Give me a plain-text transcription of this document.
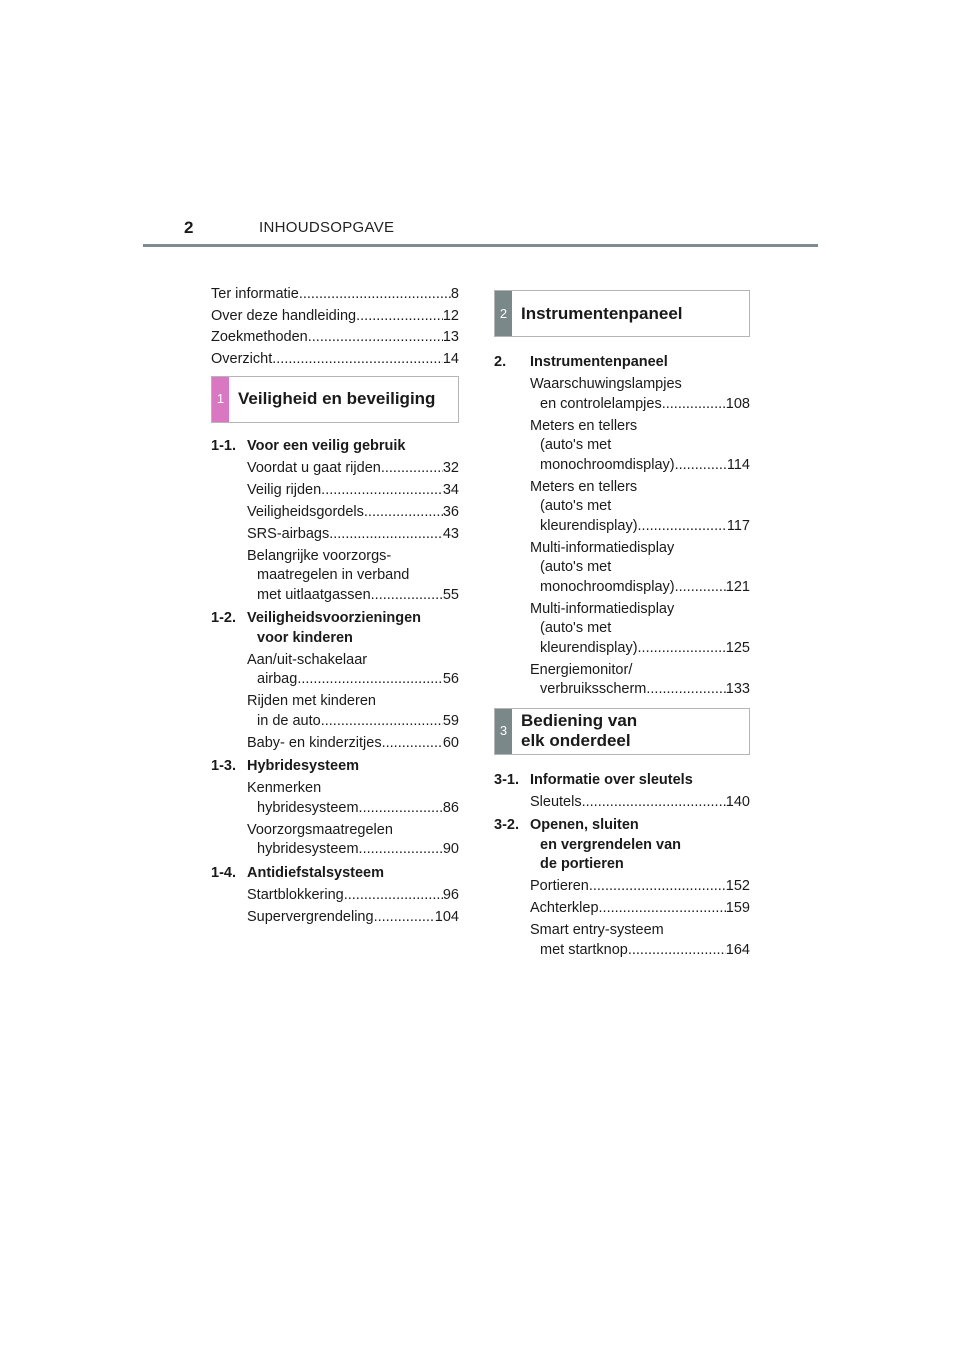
2	INHOUDSOPGAVE
Ter informatie .....	8
Over deze handleiding .....	12
Zoekmethoden .....	13
Overzicht .....	14
1 Veiligheid en beveiliging
1-1. Voor een veilig gebruik
Voordat u gaat rijden .....	32
Veilig rijden .....	34
Veiligheidsgordels .....	36
SRS-airbags .....	43
Belangrijke voorzorgs-
maatregelen in verband
met uitlaatgassen .....	55
1-2. Veiligheidsvoorzieningen
voor kinderen
Aan/uit-schakelaar
airbag .....	56
Rijden met kinderen
in de auto .....	59
Baby- en kinderzitjes .....	60
1-3. Hybridesysteem
Kenmerken
hybridesysteem .....	86
Voorzorgsmaatregelen
hybridesysteem .....	90
1-4. Antidiefstalsysteem
Startblokkering .....	96
Supervergrendeling .....	104
2 Instrumentenpaneel
2.	Instrumentenpaneel
Waarschuwingslampjes
en controlelampjes .....	108
Meters en tellers
(auto's met
monochroomdisplay) .....	114
Meters en tellers
(auto's met
kleurendisplay) .....	117
Multi-informatiedisplay
(auto's met
monochroomdisplay) .....	121
Multi-informatiedisplay
(auto's met
kleurendisplay) .....	125
Energiemonitor/
verbruiksscherm .....	133
3
Bediening van
elk onderdeel
3-1. Informatie over sleutels
Sleutels .....	140
3-2. Openen, sluiten
en vergrendelen van
de portieren
Portieren .....	152
Achterklep .....	159
Smart entry-systeem
met startknop .....	164
